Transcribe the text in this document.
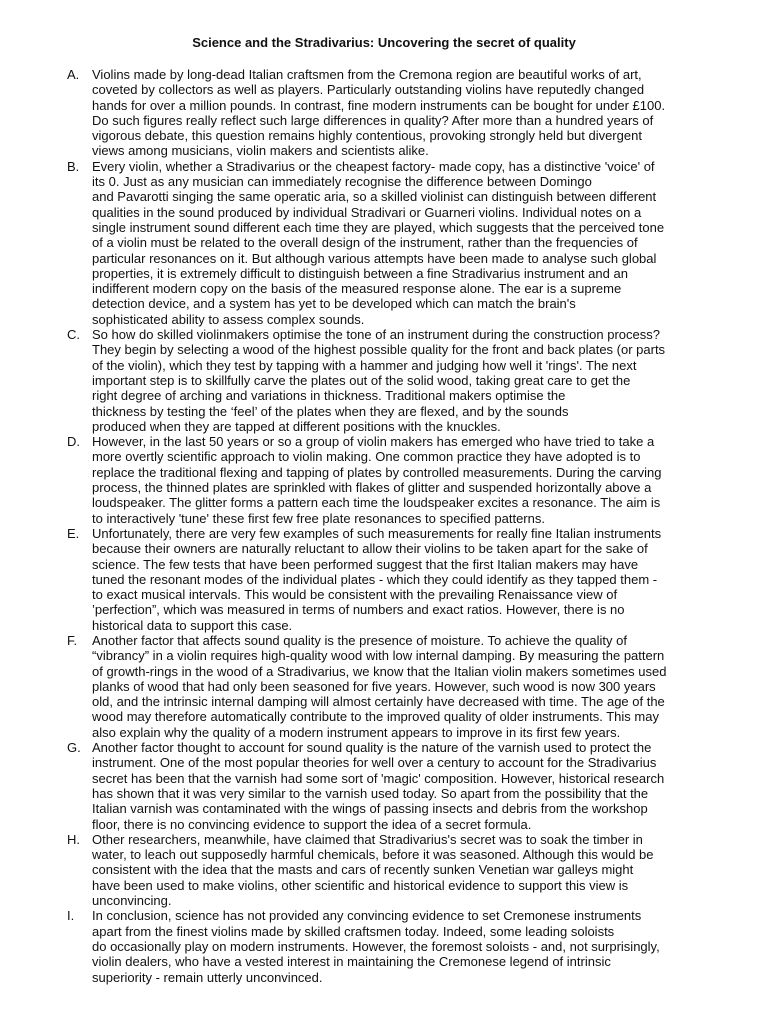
Science and the Stradivarius: Uncovering the secret of quality
A. Violins made by long-dead Italian craftsmen from the Cremona region are beautiful works of art,
coveted by collectors as well as players. Particularly outstanding violins have reputedly changed
hands for over a million pounds. In contrast, fine modern instruments can be bought for under £100.
Do such figures really reflect such large differences in quality? After more than a hundred years of
vigorous debate, this question remains highly contentious, provoking strongly held but divergent
views among musicians, violin makers and scientists alike.
B. Every violin, whether a Stradivarius or the cheapest factory- made copy, has a distinctive 'voice' of
its 0. Just as any musician can immediately recognise the difference between Domingo
and Pavarotti singing the same operatic aria, so a skilled violinist can distinguish between different
qualities in the sound produced by individual Stradivari or Guarneri violins. Individual notes on a
single instrument sound different each time they are played, which suggests that the perceived tone
of a violin must be related to the overall design of the instrument, rather than the frequencies of
particular resonances on it. But although various attempts have been made to analyse such global
properties, it is extremely difficult to distinguish between a fine Stradivarius instrument and an
indifferent modern copy on the basis of the measured response alone. The ear is a supreme
detection device, and a system has yet to be developed which can match the brain's
sophisticated ability to assess complex sounds.
C. So how do skilled violinmakers optimise the tone of an instrument during the construction process?
They begin by selecting a wood of the highest possible quality for the front and back plates (or parts
of the violin), which they test by tapping with a hammer and judging how well it 'rings'. The next
important step is to skillfully carve the plates out of the solid wood, taking great care to get the
right degree of arching and variations in thickness. Traditional makers optimise the
thickness by testing the ‘feel’ of the plates when they are flexed, and by the sounds
produced when they are tapped at different positions with the knuckles.
D. However, in the last 50 years or so a group of violin makers has emerged who have tried to take a
more overtly scientific approach to violin making. One common practice they have adopted is to
replace the traditional flexing and tapping of plates by controlled measurements. During the carving
process, the thinned plates are sprinkled with flakes of glitter and suspended horizontally above a
loudspeaker. The glitter forms a pattern each time the loudspeaker excites a resonance. The aim is
to interactively 'tune' these first few free plate resonances to specified patterns.
E. Unfortunately, there are very few examples of such measurements for really fine Italian instruments
because their owners are naturally reluctant to allow their violins to be taken apart for the sake of
science. The few tests that have been performed suggest that the first Italian makers may have
tuned the resonant modes of the individual plates - which they could identify as they tapped them -
to exact musical intervals. This would be consistent with the prevailing Renaissance view of
’perfection”, which was measured in terms of numbers and exact ratios. However, there is no
historical data to support this case.
F. Another factor that affects sound quality is the presence of moisture. To achieve the quality of
“vibrancy” in a violin requires high-quality wood with low internal damping. By measuring the pattern
of growth-rings in the wood of a Stradivarius, we know that the Italian violin makers sometimes used
planks of wood that had only been seasoned for five years. However, such wood is now 300 years
old, and the intrinsic internal damping will almost certainly have decreased with time. The age of the
wood may therefore automatically contribute to the improved quality of older instruments. This may
also explain why the quality of a modern instrument appears to improve in its first few years.
G. Another factor thought to account for sound quality is the nature of the varnish used to protect the
instrument. One of the most popular theories for well over a century to account for the Stradivarius
secret has been that the varnish had some sort of 'magic' composition. However, historical research
has shown that it was very similar to the varnish used today. So apart from the possibility that the
Italian varnish was contaminated with the wings of passing insects and debris from the workshop
floor, there is no convincing evidence to support the idea of a secret formula.
H. Other researchers, meanwhile, have claimed that Stradivarius's secret was to soak the timber in
water, to leach out supposedly harmful chemicals, before it was seasoned. Although this would be
consistent with the idea that the masts and cars of recently sunken Venetian war galleys might
have been used to make violins, other scientific and historical evidence to support this view is
unconvincing.
I. In conclusion, science has not provided any convincing evidence to set Cremonese instruments
apart from the finest violins made by skilled craftsmen today. Indeed, some leading soloists
do occasionally play on modern instruments. However, the foremost soloists - and, not surprisingly,
violin dealers, who have a vested interest in maintaining the Cremonese legend of intrinsic
superiority - remain utterly unconvinced.
